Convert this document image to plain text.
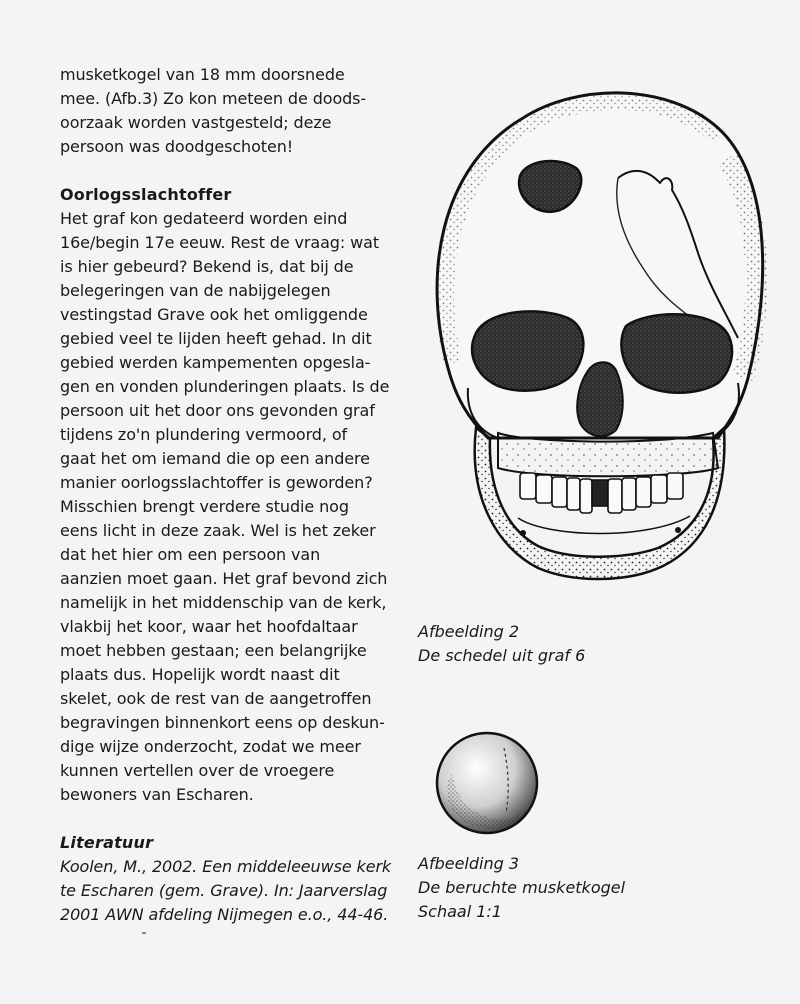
musketkogel van 18 mm doorsnede

mee. (Afb.3) Zo kon meteen de doods-

oorzaak worden vastgesteld; deze

persoon was doodgeschoten!

Oorlogsslachtoffer

Het graf kon gedateerd worden eind

16e/begin 17e eeuw. Rest de vraag: wat

is hier gebeurd? Bekend is, dat bij de

belegeringen van de nabijgelegen

vestingstad Grave ook het omliggende

gebied veel te lijden heeft gehad. In dit

gebied werden kampementen opgesla-

gen en vonden plunderingen plaats. Is de

persoon uit het door ons gevonden graf

tijdens zo'n plundering vermoord, of

gaat het om iemand die op een andere

manier oorlogsslachtoffer is geworden?

Misschien brengt verdere studie nog

eens licht in deze zaak. Wel is het zeker

dat het hier om een persoon van

aanzien moet gaan. Het graf bevond zich

namelijk in het middenschip van de kerk,

vlakbij het koor, waar het hoofdaltaar

moet hebben gestaan; een belangrijke

plaats dus. Hopelijk wordt naast dit

skelet, ook de rest van de aangetroffen

begravingen binnenkort eens op deskun-

dige wijze onderzocht, zodat we meer

kunnen vertellen over de vroegere

bewoners van Escharen.

Literatuur

Koolen, M., 2002. Een middeleeuwse kerk

te Escharen (gem. Grave). In: Jaarverslag

2001 AWN afdeling Nijmegen e.o., 44-46.

Afbeelding 2
De schedel uit graf 6
Afbeelding 3
De beruchte musketkogel
Schaal 1:1
